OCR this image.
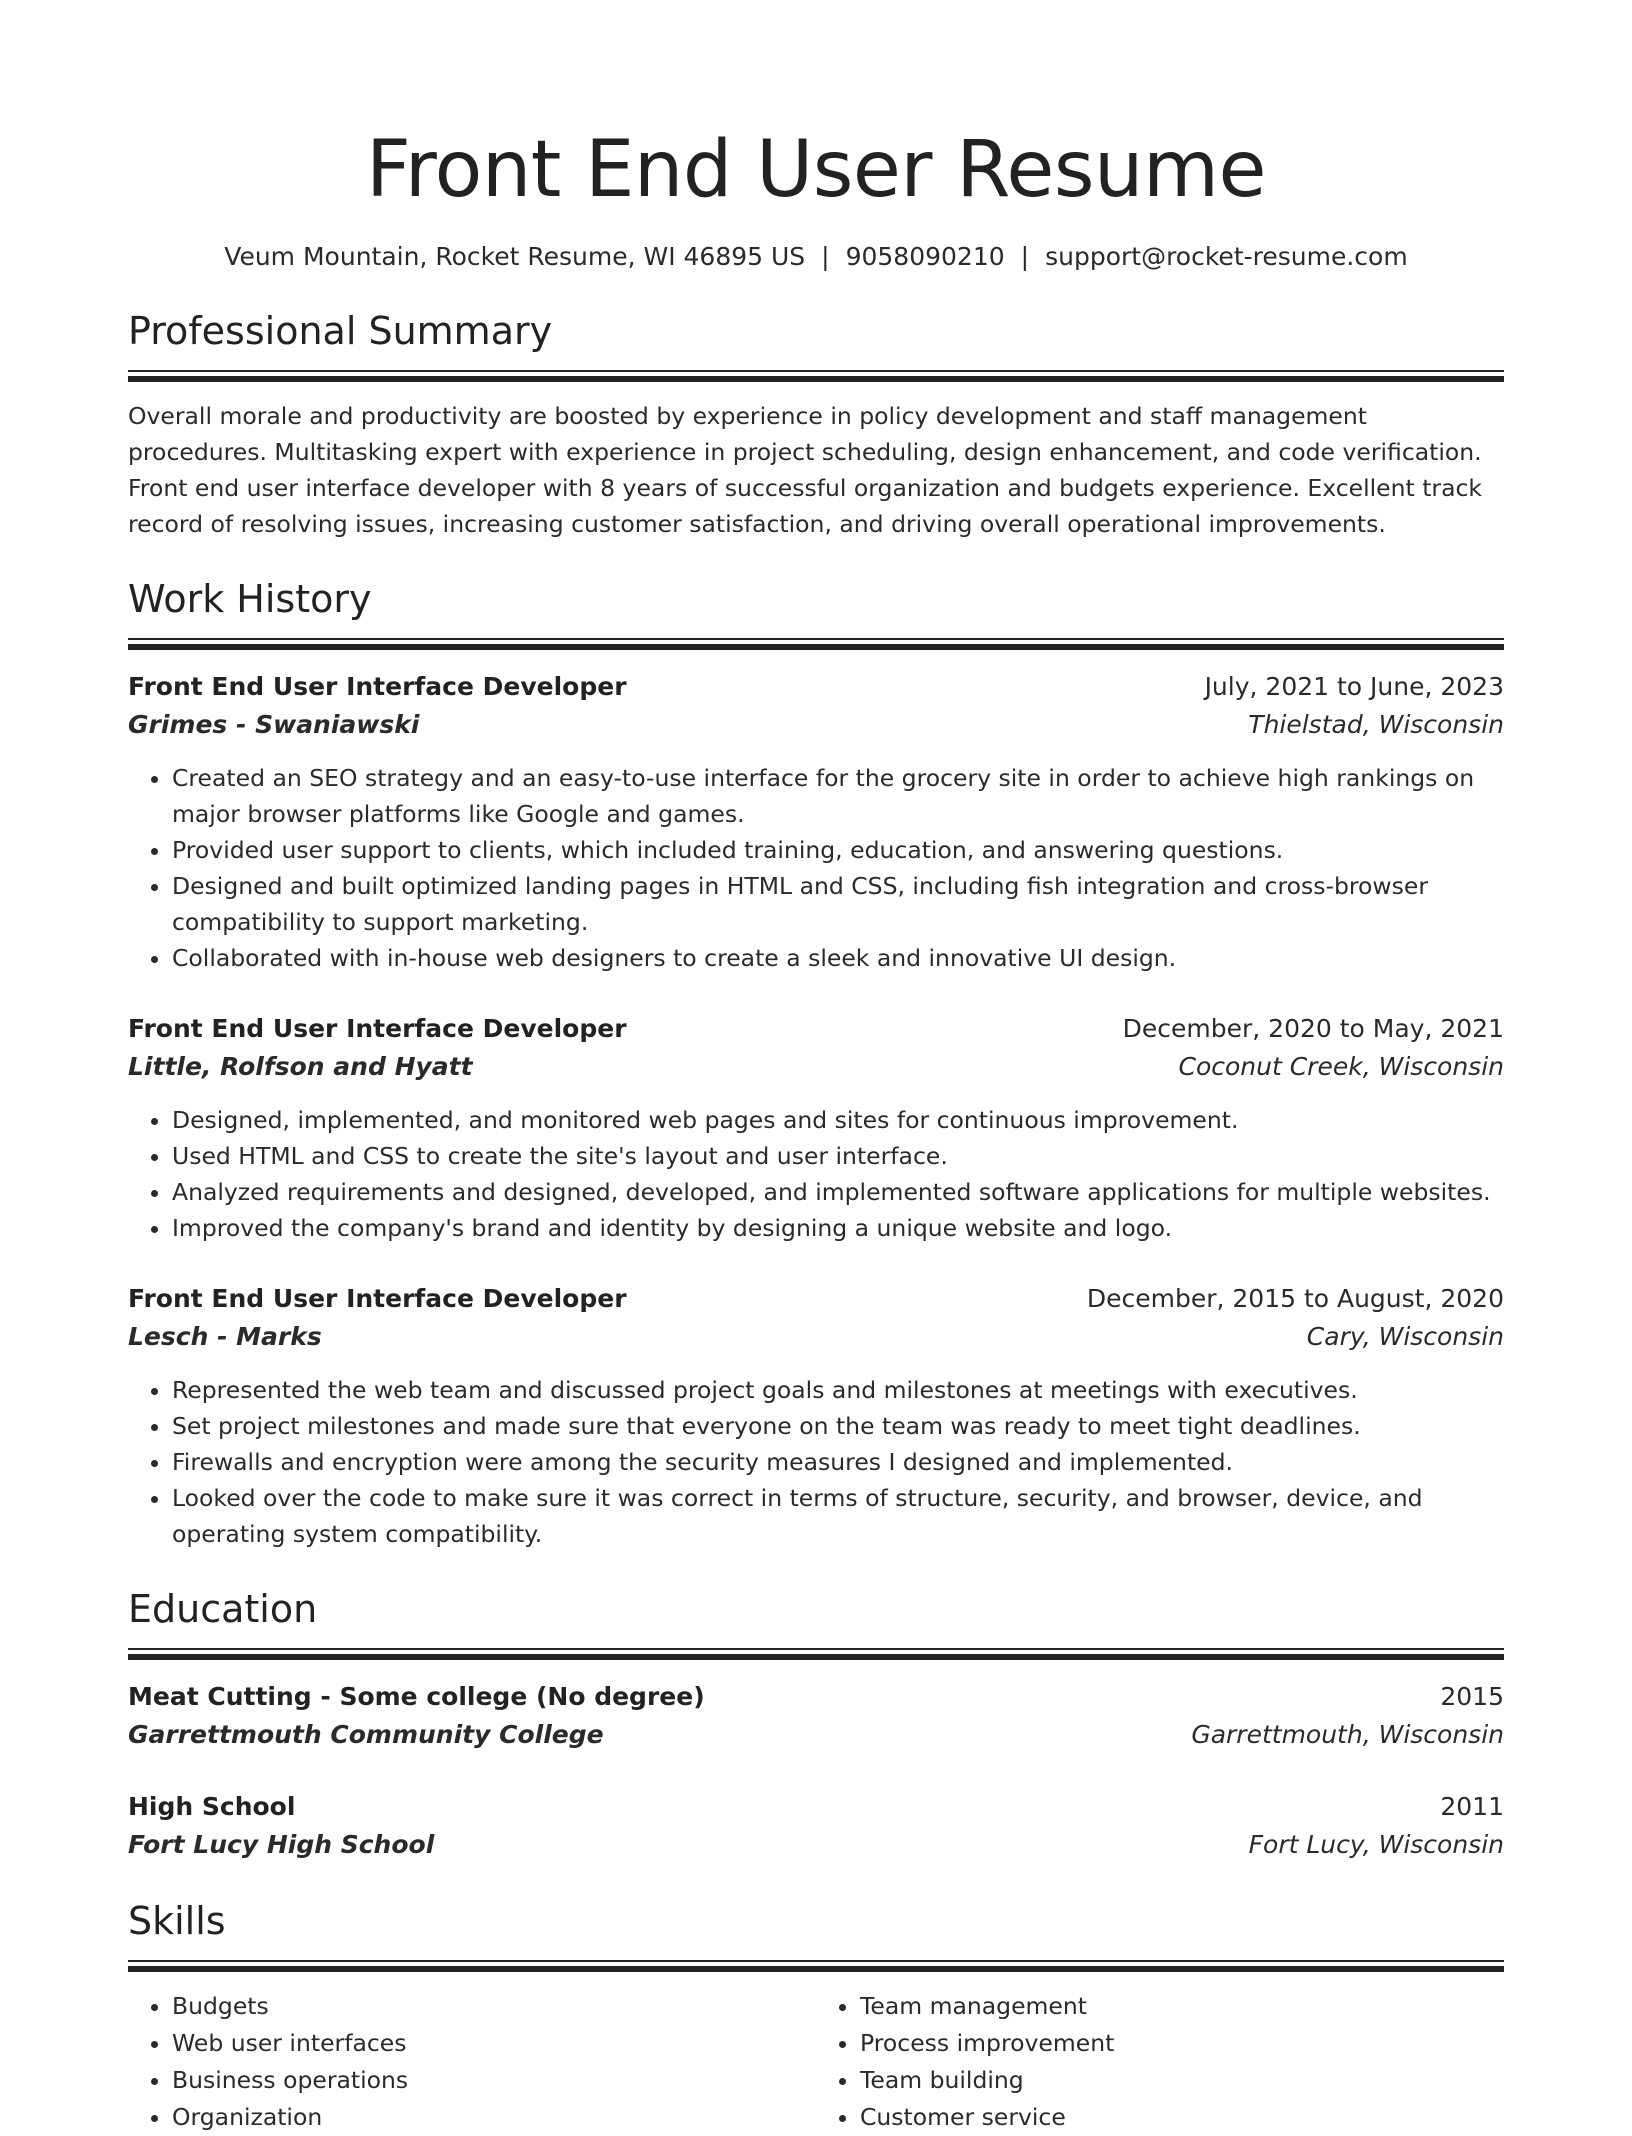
Front End User Resume
Veum Mountain, Rocket Resume, WI 46895 US | 9058090210 | support@rocket-resume.com
Professional Summary
Overall morale and productivity are boosted by experience in policy development and staff management procedures. Multitasking expert with experience in project scheduling, design enhancement, and code verification. Front end user interface developer with 8 years of successful organization and budgets experience. Excellent track record of resolving issues, increasing customer satisfaction, and driving overall operational improvements.
Work History
Front End User Interface Developer	July, 2021 to June, 2023
Grimes - Swaniawski	Thielstad, Wisconsin
• Created an SEO strategy and an easy-to-use interface for the grocery site in order to achieve high rankings on major browser platforms like Google and games.
• Provided user support to clients, which included training, education, and answering questions.
• Designed and built optimized landing pages in HTML and CSS, including fish integration and cross-browser compatibility to support marketing.
• Collaborated with in-house web designers to create a sleek and innovative UI design.
Front End User Interface Developer	December, 2020 to May, 2021
Little, Rolfson and Hyatt	Coconut Creek, Wisconsin
• Designed, implemented, and monitored web pages and sites for continuous improvement.
• Used HTML and CSS to create the site's layout and user interface.
• Analyzed requirements and designed, developed, and implemented software applications for multiple websites.
• Improved the company's brand and identity by designing a unique website and logo.
Front End User Interface Developer	December, 2015 to August, 2020
Lesch - Marks	Cary, Wisconsin
• Represented the web team and discussed project goals and milestones at meetings with executives.
• Set project milestones and made sure that everyone on the team was ready to meet tight deadlines.
• Firewalls and encryption were among the security measures I designed and implemented.
• Looked over the code to make sure it was correct in terms of structure, security, and browser, device, and operating system compatibility.
Education
Meat Cutting - Some college (No degree)	2015
Garrettmouth Community College	Garrettmouth, Wisconsin
High School	2011
Fort Lucy High School	Fort Lucy, Wisconsin
Skills
• Budgets
• Web user interfaces
• Business operations
• Organization
• Team management
• Process improvement
• Team building
• Customer service
